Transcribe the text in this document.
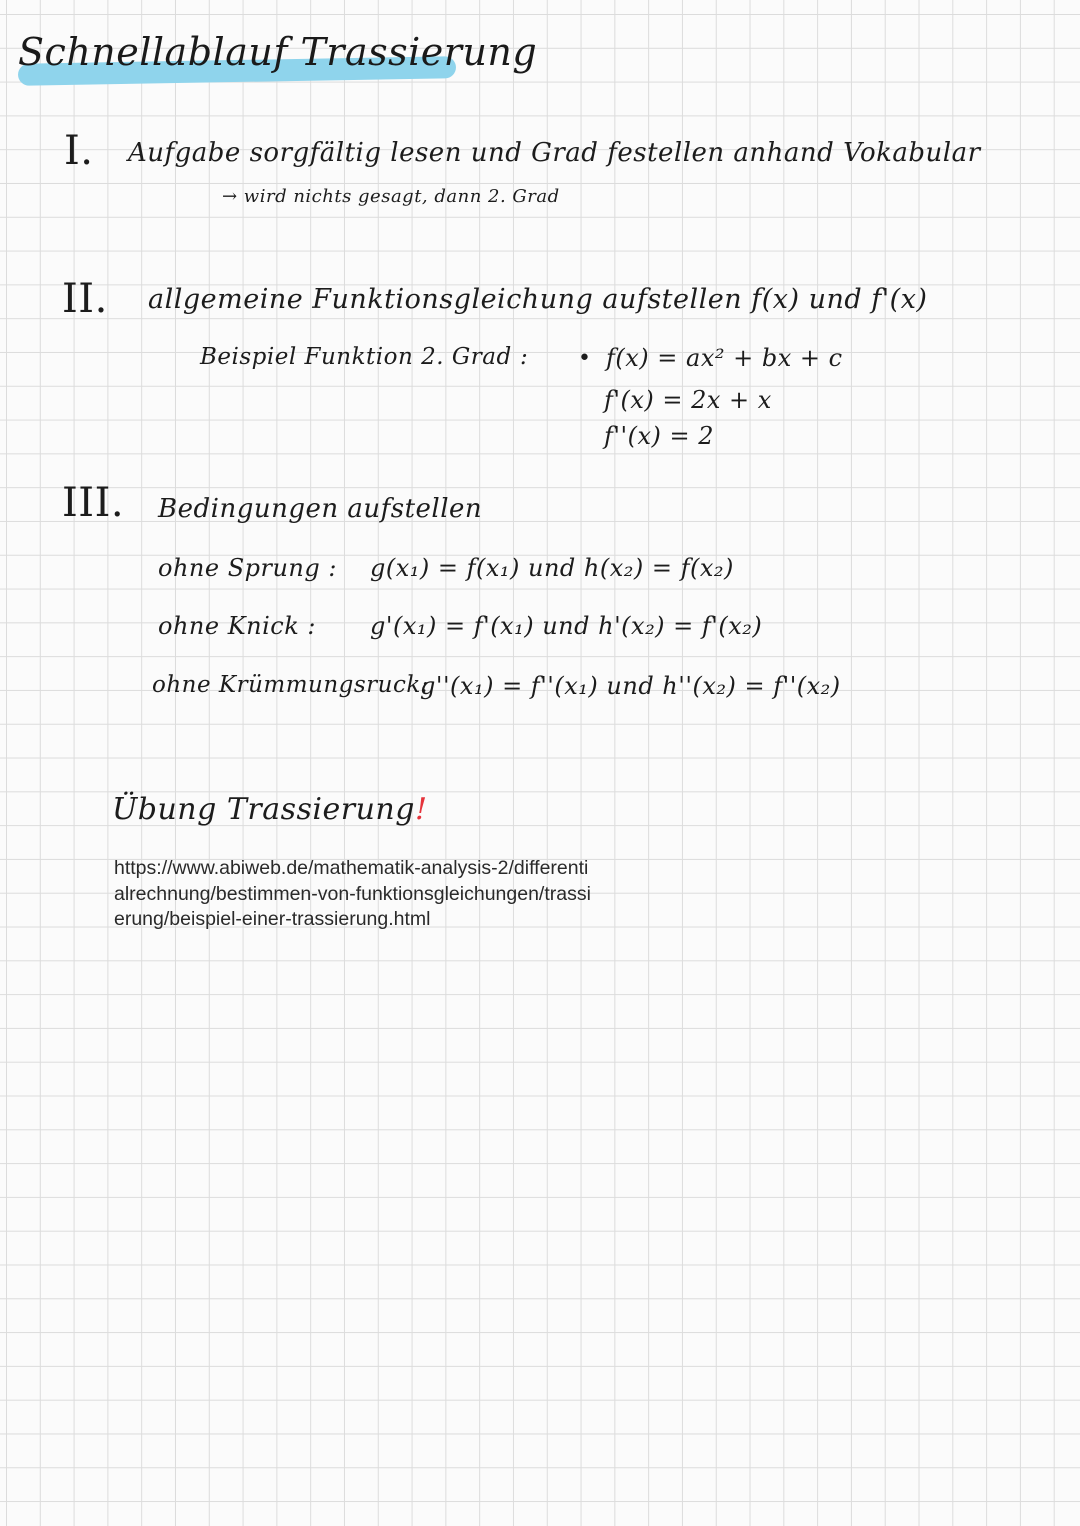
Schnellablauf Trassierung
I. Aufgabe sorgfältig lesen und Grad festellen anhand Vokabular
→ wird nichts gesagt, dann 2. Grad
II. allgemeine Funktionsgleichung aufstellen f(x) und f'(x)
Beispiel Funktion 2. Grad : • f(x) = ax² + bx + c
f'(x) = 2x + x
f''(x) = 2
III. Bedingungen aufstellen
ohne Sprung : g(x₁) = f(x₁) und h(x₂) = f(x₂)
ohne Knick : g'(x₁) = f'(x₁) und h'(x₂) = f'(x₂)
ohne Krümmungsruck:
g''(x₁) = f''(x₁) und h''(x₂) = f''(x₂)
Übung Trassierung!
https://www.abiweb.de/mathematik-analysis-2/differentialrechnung/bestimmen-von-funktionsgleichungen/trassierung/beispiel-einer-trassierung.html
